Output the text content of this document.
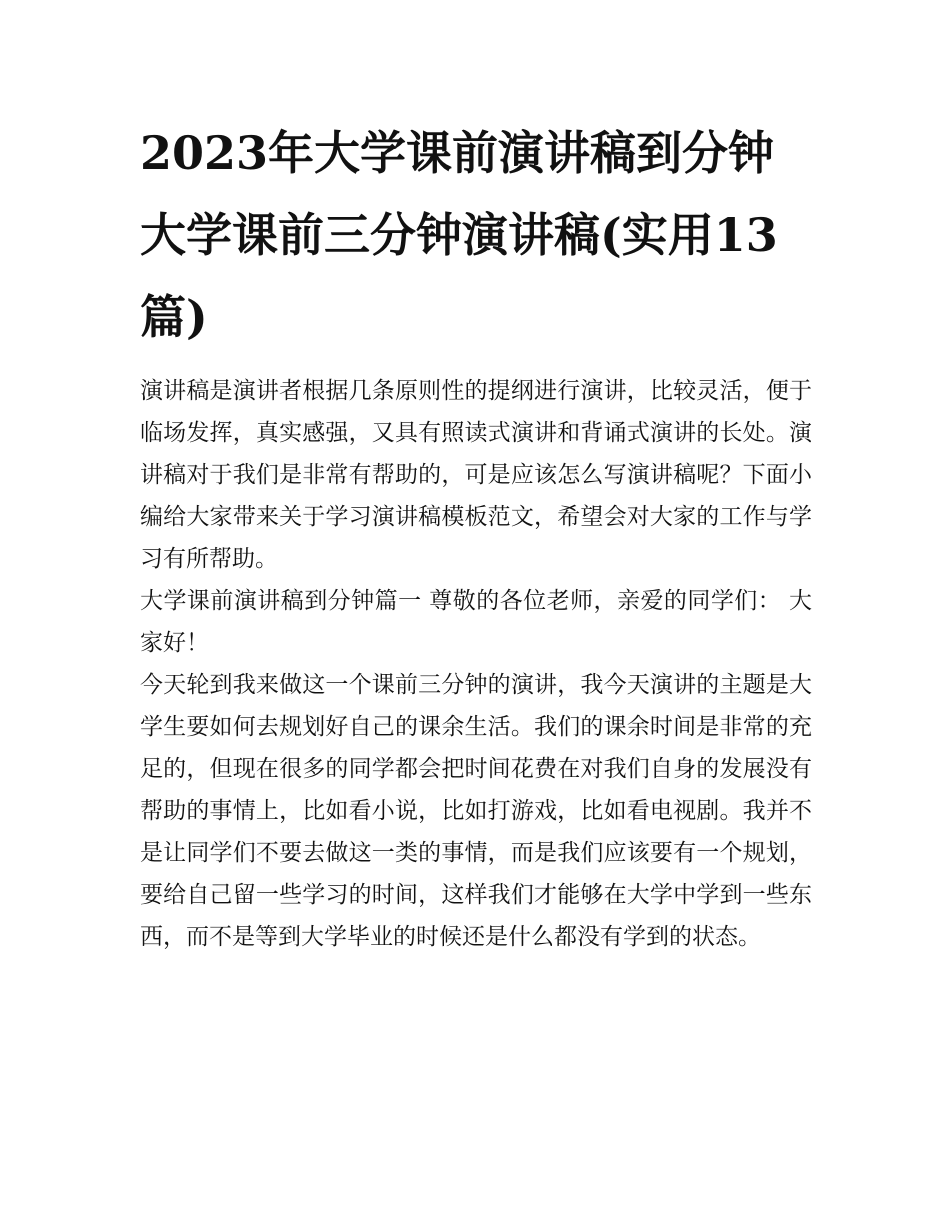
2023年大学课前演讲稿到分钟大学课前三分钟演讲稿(实用13篇)

演讲稿是演讲者根据几条原则性的提纲进行演讲，比较灵活，便于临场发挥，真实感强，又具有照读式演讲和背诵式演讲的长处。演讲稿对于我们是非常有帮助的，可是应该怎么写演讲稿呢？下面小编给大家带来关于学习演讲稿模板范文，希望会对大家的工作与学习有所帮助。

大学课前演讲稿到分钟篇一 尊敬的各位老师，亲爱的同学们： 大家好！

今天轮到我来做这一个课前三分钟的演讲，我今天演讲的主题是大学生要如何去规划好自己的课余生活。我们的课余时间是非常的充足的，但现在很多的同学都会把时间花费在对我们自身的发展没有帮助的事情上，比如看小说，比如打游戏，比如看电视剧。我并不是让同学们不要去做这一类的事情，而是我们应该要有一个规划，要给自己留一些学习的时间，这样我们才能够在大学中学到一些东西，而不是等到大学毕业的时候还是什么都没有学到的状态。
